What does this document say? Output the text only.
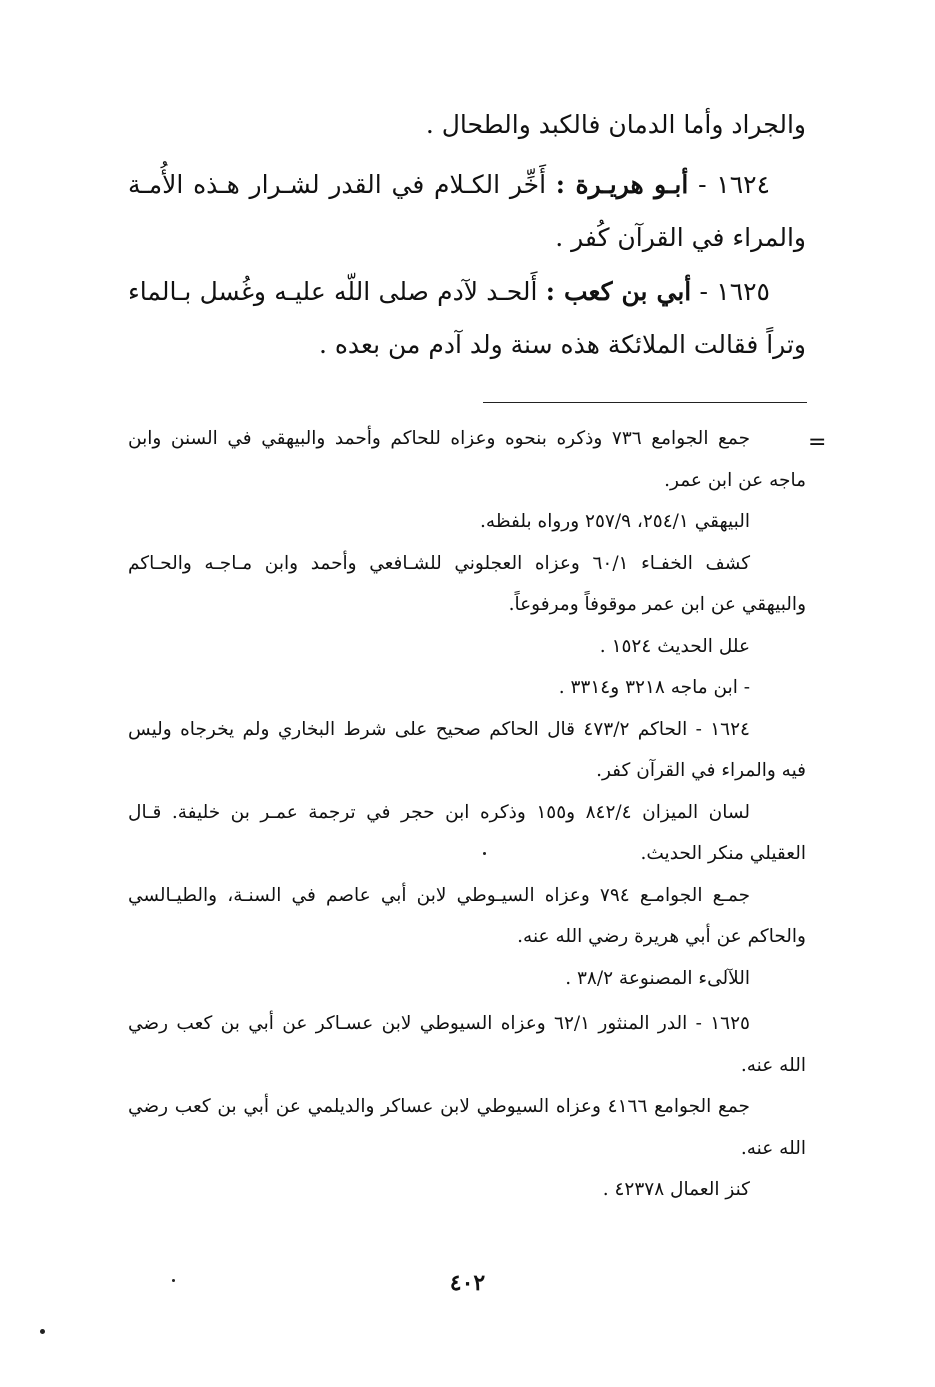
والجراد وأما الدمان فالكبد والطحال .
١٦٢٤ - أبـو هريـرة : أَخِّر الكـلام في القدر لشـرار هـذه الأُمـة والمراء في القرآن كُفر .
١٦٢٥ - أبي بن كعب : أَلحـد لآدم صلى اللّه عليـه وغُسل بـالماء وتراً فقالت الملائكة هذه سنة ولد آدم من بعده .
=

جمع الجوامع ٧٣٦ وذكره بنحوه وعزاه للحاكم وأحمد والبيهقي في السنن وابن ماجه عن ابن عمر.

البيهقي ٢٥٤/١، ٢٥٧/٩ ورواه بلفظه.

كشف الخفـاء ٦٠/١ وعزاه العجلوني للشـافعي وأحمد وابن مـاجـه والحـاكم والبيهقي عن ابن عمر موقوفاً ومرفوعاً.

علل الحديث ١٥٢٤ .

- ابن ماجه ٣٢١٨ و٣٣١٤ .

١٦٢٤ - الحاكم ٤٧٣/٢ قال الحاكم صحيح على شرط البخاري ولم يخرجاه وليس فيه والمراء في القرآن كفر.

لسان الميزان ٨٤٢/٤ و١٥٥ وذكره ابن حجر في ترجمة عمـر بن خليفة. قـال العقيلي منكر الحديث.

جمـع الجوامـع ٧٩٤ وعزاه السيـوطي لابن أبي عاصم في السنـة، والطيـالسي والحاكم عن أبي هريرة رضي الله عنه.

اللآلىء المصنوعة ٣٨/٢ .

١٦٢٥ - الدر المنثور ٦٢/١ وعزاه السيوطي لابن عسـاكر عن أبي بن كعب رضي الله عنه.

جمع الجوامع ٤١٦٦ وعزاه السيوطي لابن عساكر والديلمي عن أبي بن كعب رضي الله عنه.

كنز العمال ٤٢٣٧٨ .

٤٠٢
